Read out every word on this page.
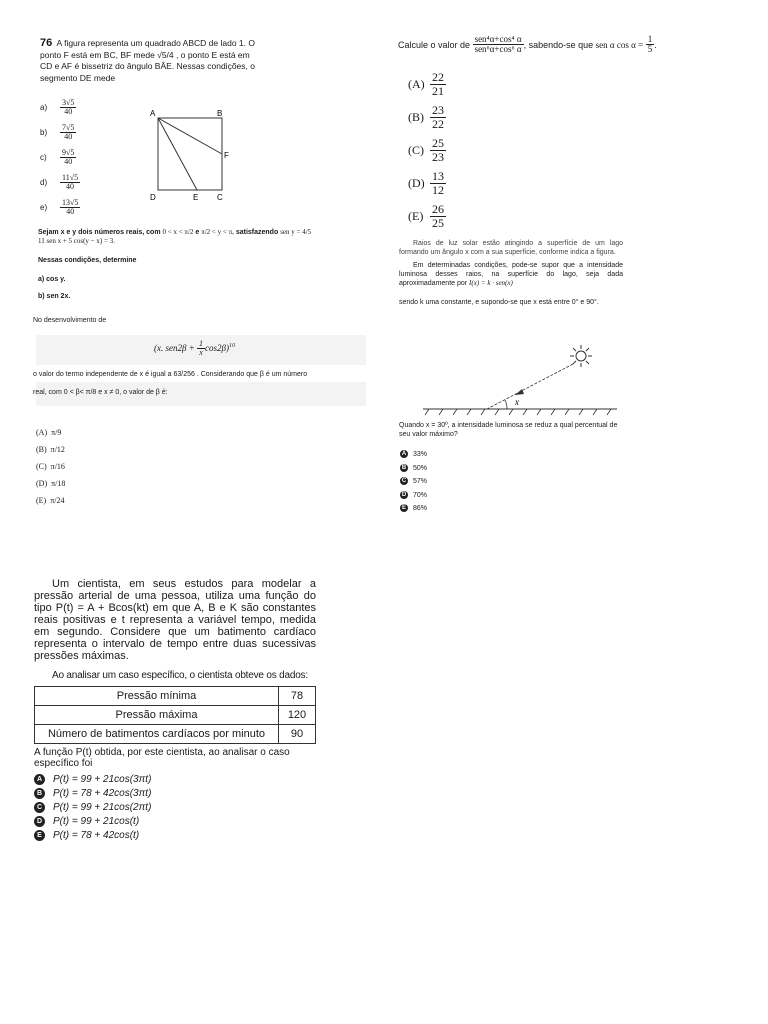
76 A figura representa um quadrado ABCD de lado 1. O
ponto F está em BC, BF mede √5/4 , o ponto E está em
CD e AF é bissetriz do ângulo BÂE. Nessas condições, o
segmento DE mede
a)	$\frac{3√5}{40}$
b)	$\frac{7√5}{40}$
c)	$\frac{9√5}{40}$
d)	$\frac{11√5}{40}$
e)	$\frac{13√5}{40}$
A	B
F
D	E C
Sejam x e y dois números reais, com 0 < x < π/2 e π/2 < y < π, satisfazendo sen y = 4/5
11 sen x + 5 cos(y − x) = 3.
Nessas condições, determine
a) cos y.
b) sen 2x.
No desenvolvimento de
(x. $sen2\beta + \frac{1}{x} \cos 2\beta)^{10}$
o valor do termo independente de x é igual a 63/256 . Considerando que β é um número
real, com 0 < β< π/8 e x ≠ 0, o valor de β é:
(A) π/9
(B) π/12
(C) π/16
(D) π/18
(E) π/24
Calcule o valor de $\frac{\text{sen⁴α+cos⁴ α}}{\text{sen⁶α+cos⁶ α}}$ , sabendo-se que sen α $\cos \alpha = \frac{1}{5}$ .
$(A) \frac{22}{21}$
$(B) \frac{23}{22}$
$(C) \frac{25}{23}$
$(D) \frac{13}{12}$
$(E) \frac{26}{25}$
Raios de luz solar estão atingindo a superfície de um lago formando um ângulo x com a sua superfície, conforme indica a figura.
Em determinadas condições, pode-se supor que a intensidade luminosa desses raios, na superfície do lago, seja dada aproximadamente por I(x) = k · sen(x)
sendo k uma constante, e supondo-se que x está entre 0° e 90°.
x
Quando x = 30º, a intensidade luminosa se reduz a qual percentual de seu valor máximo?
A 33%
B 50%
C 57%
D 70%
E 86%
Um cientista, em seus estudos para modelar a pressão arterial de uma pessoa, utiliza uma função do tipo P(t) = A + Bcos(kt) em que A, B e K são constantes reais positivas e t representa a variável tempo, medida em segundo. Considere que um batimento cardíaco representa o intervalo de tempo entre duas sucessivas pressões máximas.
Ao analisar um caso específico, o cientista obteve os dados:
Pressão mínima	78
Pressão máxima	120
Número de batimentos cardíacos por minuto	90
A função P(t) obtida, por este cientista, ao analisar o caso específico foi
A P(t) = 99 + 21cos(3πt)
B P(t) = 78 + 42cos(3πt)
C P(t) = 99 + 21cos(2πt)
D P(t) = 99 + 21cos(t)
E P(t) = 78 + 42cos(t)
